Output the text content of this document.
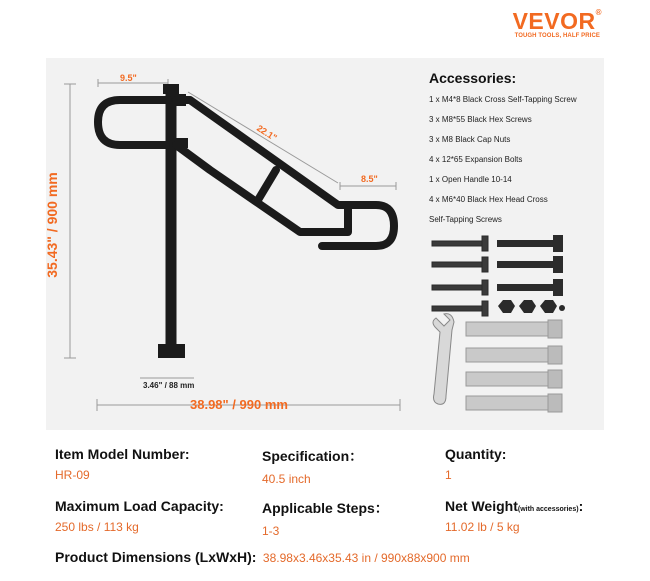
VEVOR®
TOUGH TOOLS, HALF PRICE
9.5"
22.1"
8.5"
35.43" / 900 mm
3.46" / 88 mm
38.98" / 990 mm
Accessories:
1 x M4*8 Black Cross Self-Tapping Screw
3 x M8*55 Black Hex Screws
3 x M8 Black Cap Nuts
4 x 12*65 Expansion Bolts
1 x Open Handle 10-14
4 x M6*40 Black Hex Head Cross
Self-Tapping Screws
Item Model Number:
HR-09
Specification：
40.5 inch
Quantity:
1
Maximum Load Capacity:
250 lbs / 113 kg
Applicable Steps：
1-3
Net Weight(with accessories):
11.02 lb / 5 kg
Product Dimensions (LxWxH): 38.98x3.46x35.43 in / 990x88x900 mm
